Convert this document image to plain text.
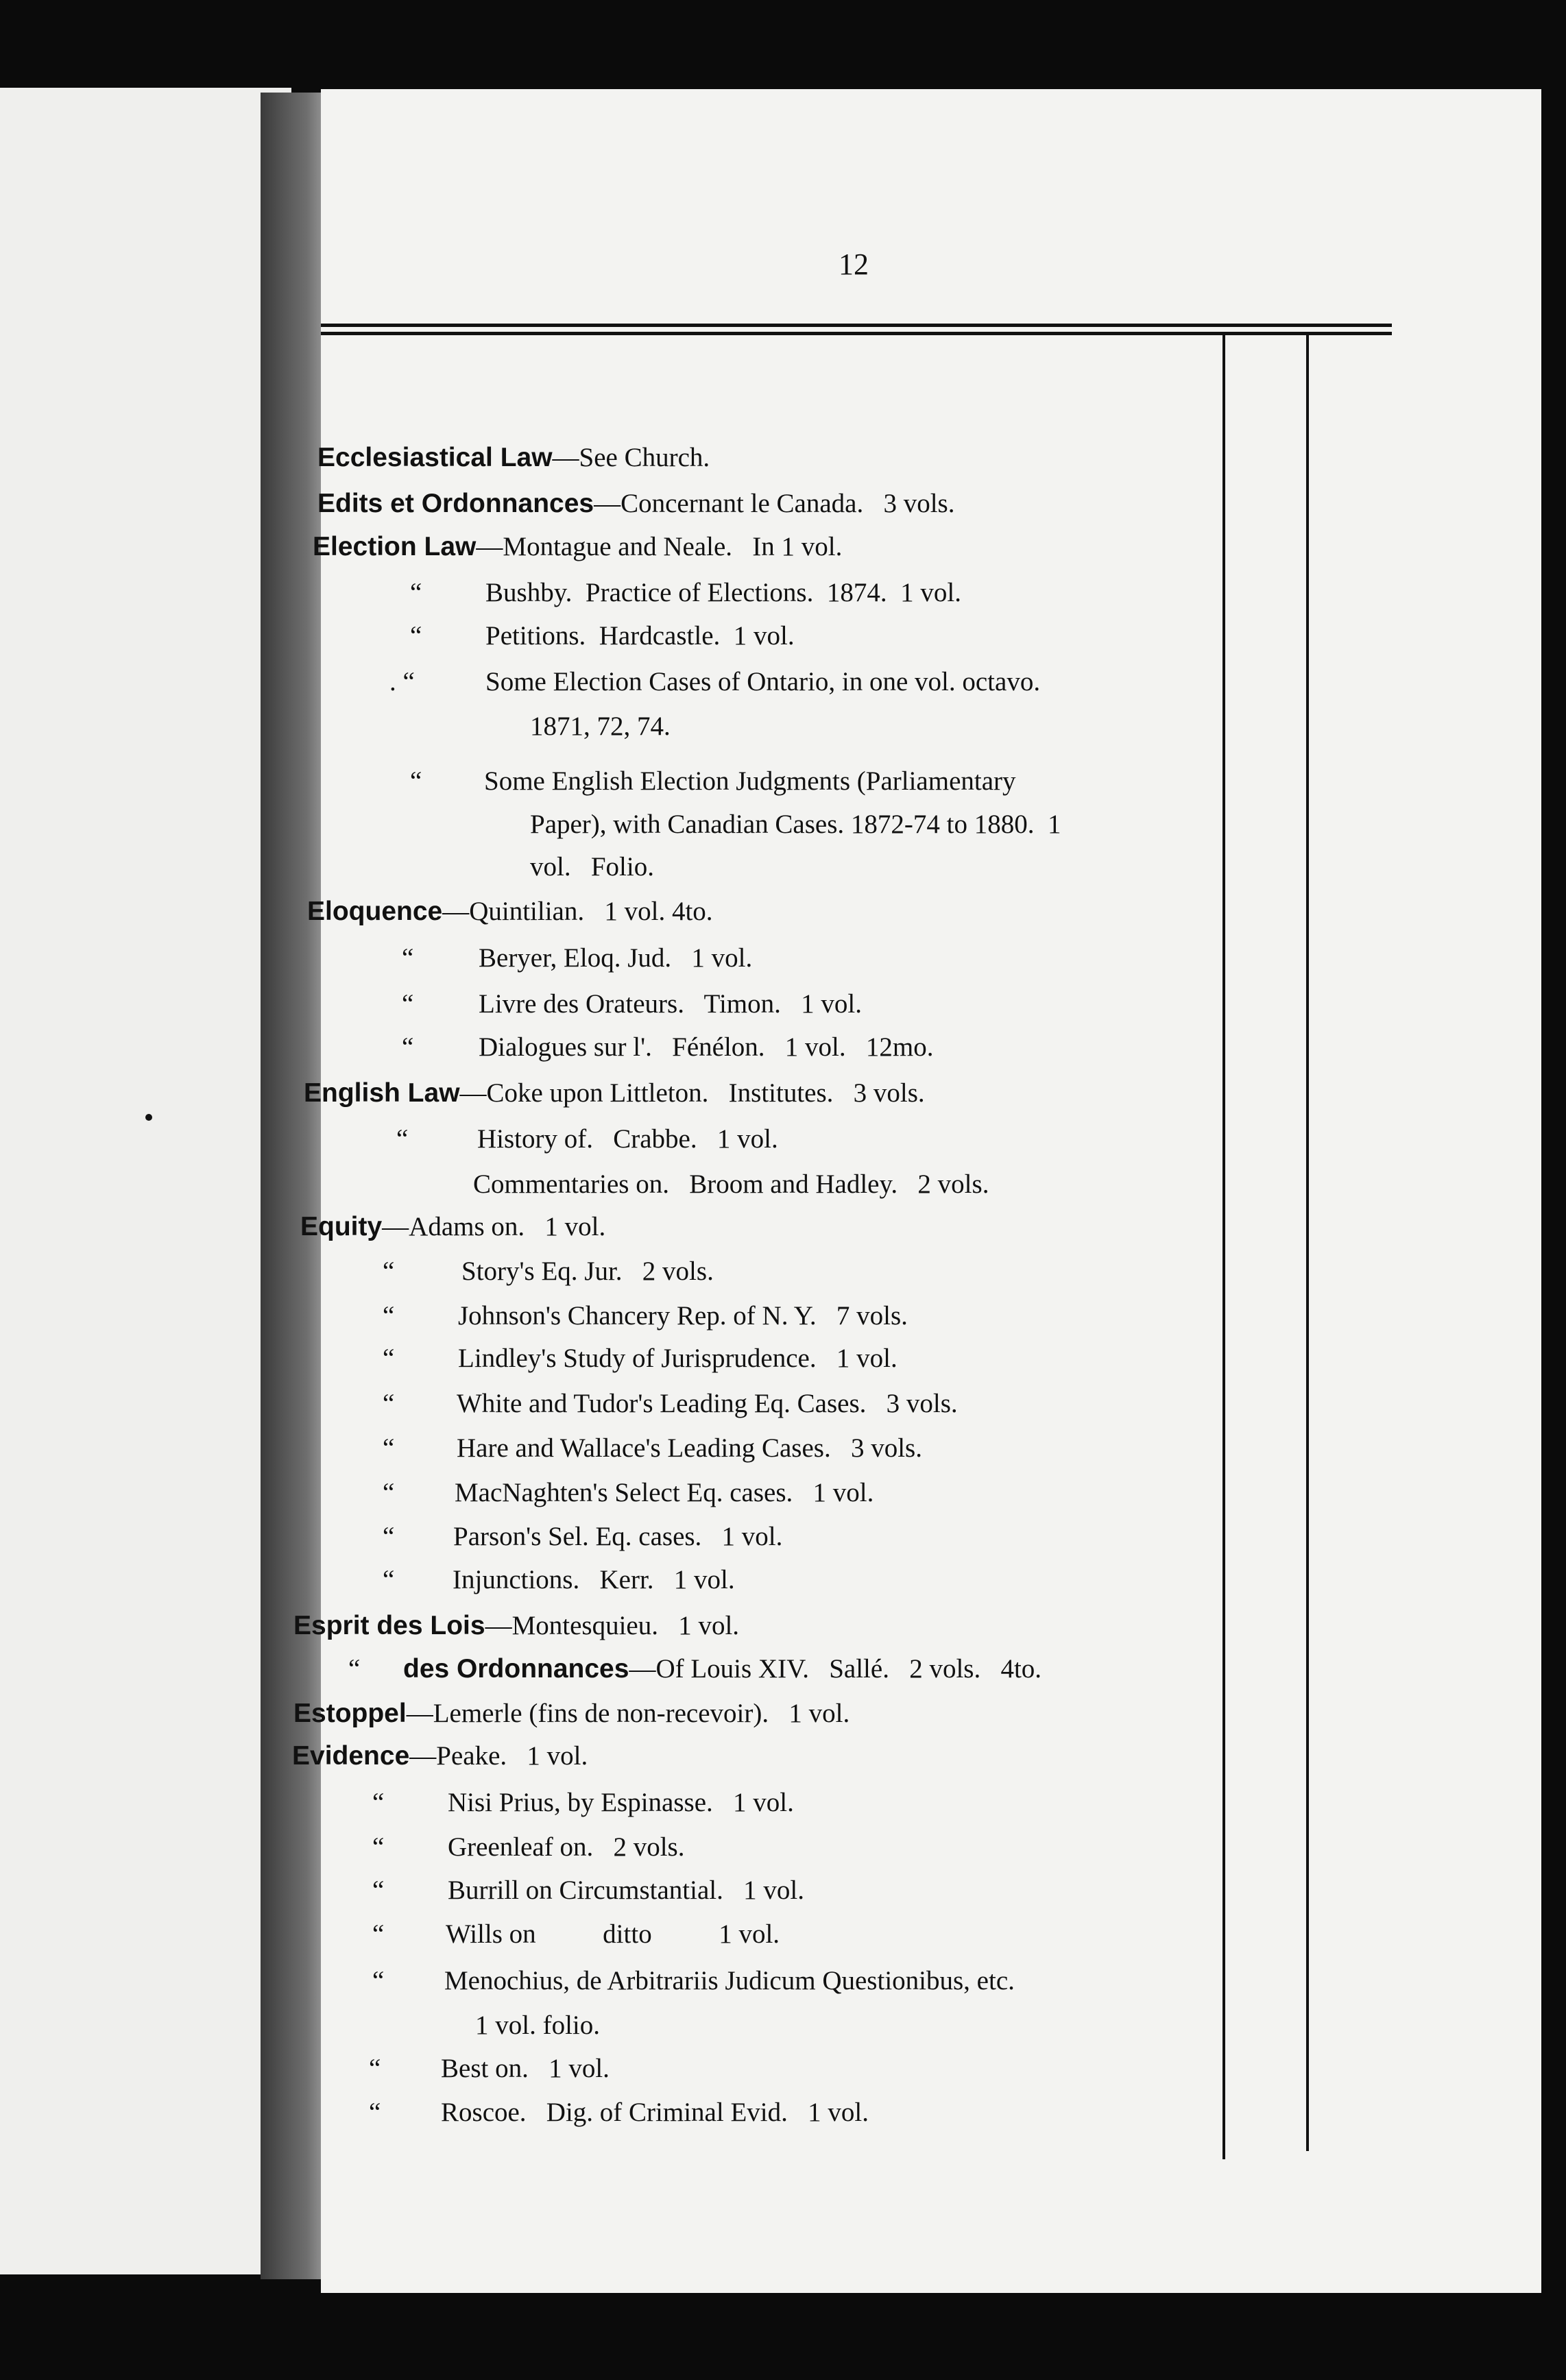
12
Ecclesiastical Law—See Church.
Edits et Ordonnances—Concernant le Canada.   3 vols.
Election Law—Montague and Neale.   In 1 vol.
“ Bushby.  Practice of Elections.  1874.  1 vol.
“ Petitions.  Hardcastle.  1 vol.
. “	Some Election Cases of Ontario, in one vol. octavo.
1871, 72, 74.
“ Some English Election Judgments (Parliamentary
Paper), with Canadian Cases. 1872-74 to 1880.  1
vol.   Folio.
Eloquence—Quintilian.   1 vol. 4to.
“ Beryer, Eloq. Jud.   1 vol.
“ Livre des Orateurs.   Timon.   1 vol.
“ Dialogues sur l'.   Fénélon.   1 vol.   12mo.
English Law—Coke upon Littleton.   Institutes.   3 vols.
“	History of.   Crabbe.   1 vol.
Commentaries on.   Broom and Hadley.   2 vols.
Equity—Adams on.   1 vol.
“	Story's Eq. Jur.   2 vols.
“ Johnson's Chancery Rep. of N. Y.   7 vols.
“ Lindley's Study of Jurisprudence.   1 vol.
“ White and Tudor's Leading Eq. Cases.   3 vols.
“ Hare and Wallace's Leading Cases.   3 vols.
“ MacNaghten's Select Eq. cases.   1 vol.
“ Parson's Sel. Eq. cases.   1 vol.
“ Injunctions.   Kerr.   1 vol.
Esprit des Lois—Montesquieu.   1 vol.
“ des Ordonnances—Of Louis XIV.   Sallé.   2 vols.   4to.
Estoppel—Lemerle (fins de non-recevoir).   1 vol.
Evidence—Peake.   1 vol.
“ Nisi Prius, by Espinasse.   1 vol.
“ Greenleaf on.   2 vols.
“ Burrill on Circumstantial.   1 vol.
“ Wills on          ditto          1 vol.
“ Menochius, de Arbitrariis Judicum Questionibus, etc.
1 vol. folio.
“ Best on.   1 vol.
“ Roscoe.   Dig. of Criminal Evid.   1 vol.
